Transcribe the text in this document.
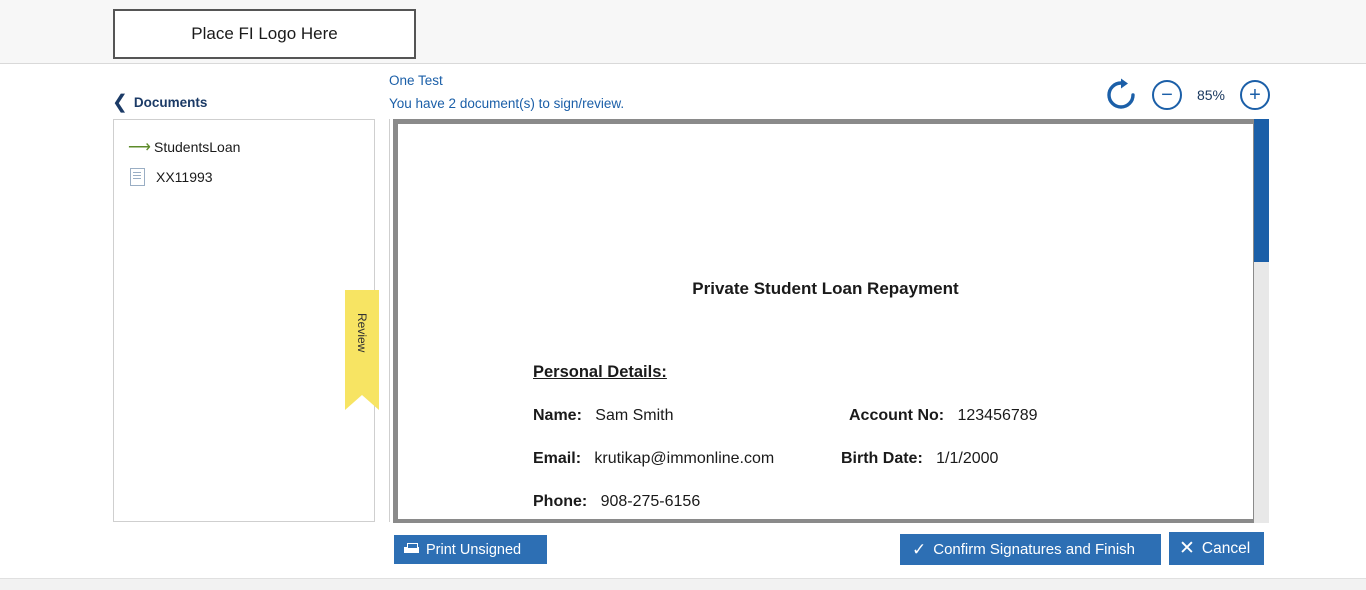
Place FI Logo Here
❮ Documents
One Test
You have 2 document(s) to sign/review.	− 85% +
⟶ StudentsLoan
XX11993
Review
Private Student Loan Repayment
Personal Details:
Name: Sam Smith	Account No: 123456789
Email: krutikap@immonline.com	Birth Date: 1/1/2000
Phone: 908-275-6156
Print Unsigned	✓ Confirm Signatures and Finish ✕ Cancel
